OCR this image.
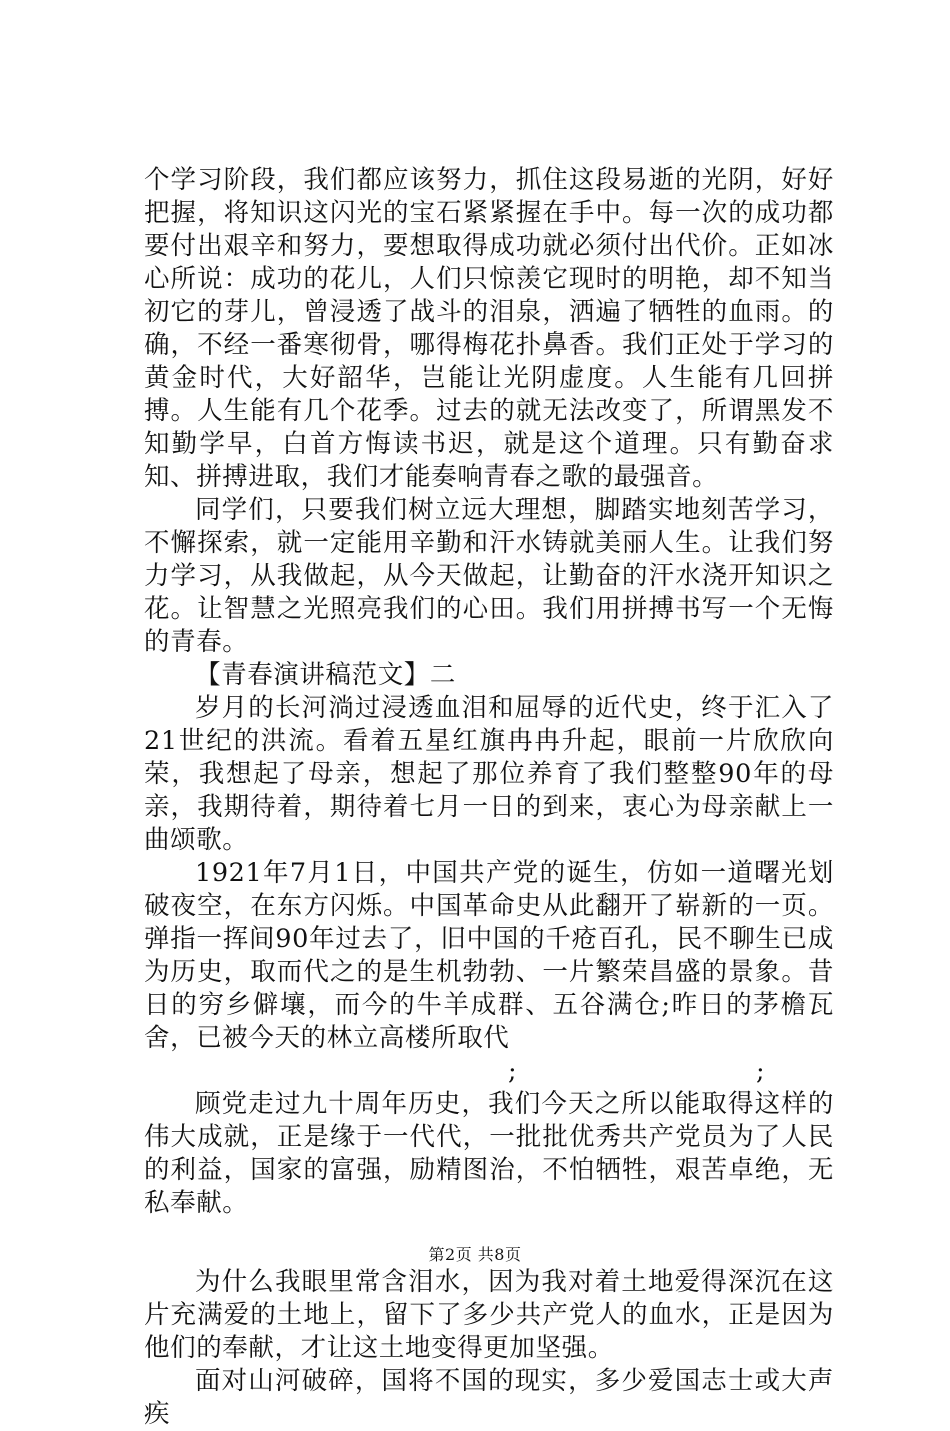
个学习阶段，我们都应该努力，抓住这段易逝的光阴，好好把握，将知识这闪光的宝石紧紧握在手中。每一次的成功都要付出艰辛和努力，要想取得成功就必须付出代价。正如冰心所说：成功的花儿，人们只惊羡它现时的明艳，却不知当初它的芽儿，曾浸透了战斗的泪泉，洒遍了牺牲的血雨。的确，不经一番寒彻骨，哪得梅花扑鼻香。我们正处于学习的黄金时代，大好韶华，岂能让光阴虚度。人生能有几回拼搏。人生能有几个花季。过去的就无法改变了，所谓黑发不知勤学早，白首方悔读书迟，就是这个道理。只有勤奋求知、拼搏进取，我们才能奏响青春之歌的最强音。

同学们，只要我们树立远大理想，脚踏实地刻苦学习，不懈探索，就一定能用辛勤和汗水铸就美丽人生。让我们努力学习，从我做起，从今天做起，让勤奋的汗水浇开知识之花。让智慧之光照亮我们的心田。我们用拼搏书写一个无悔的青春。

【青春演讲稿范文】二

岁月的长河淌过浸透血泪和屈辱的近代史，终于汇入了21世纪的洪流。看着五星红旗冉冉升起，眼前一片欣欣向荣，我想起了母亲，想起了那位养育了我们整整90年的母亲，我期待着，期待着七月一日的到来，衷心为母亲献上一曲颂歌。

1921年7月1日，中国共产党的诞生，仿如一道曙光划破夜空，在东方闪烁。中国革命史从此翻开了崭新的一页。弹指一挥间90年过去了，旧中国的千疮百孔，民不聊生已成为历史，取而代之的是生机勃勃、一片繁荣昌盛的景象。昔日的穷乡僻壤，而今的牛羊成群、五谷满仓;昨日的茅檐瓦舍，已被今天的林立高楼所取代

;	;

顾党走过九十周年历史，我们今天之所以能取得这样的伟大成就，正是缘于一代代，一批批优秀共产党员为了人民的利益，国家的富强，励精图治，不怕牺牲，艰苦卓绝，无私奉献。

为什么我眼里常含泪水，因为我对着土地爱得深沉在这片充满爱的土地上，留下了多少共产党人的血水，正是因为他们的奉献，才让这土地变得更加坚强。

面对山河破碎，国将不国的现实，多少爱国志士或大声疾

第2页 共8页
